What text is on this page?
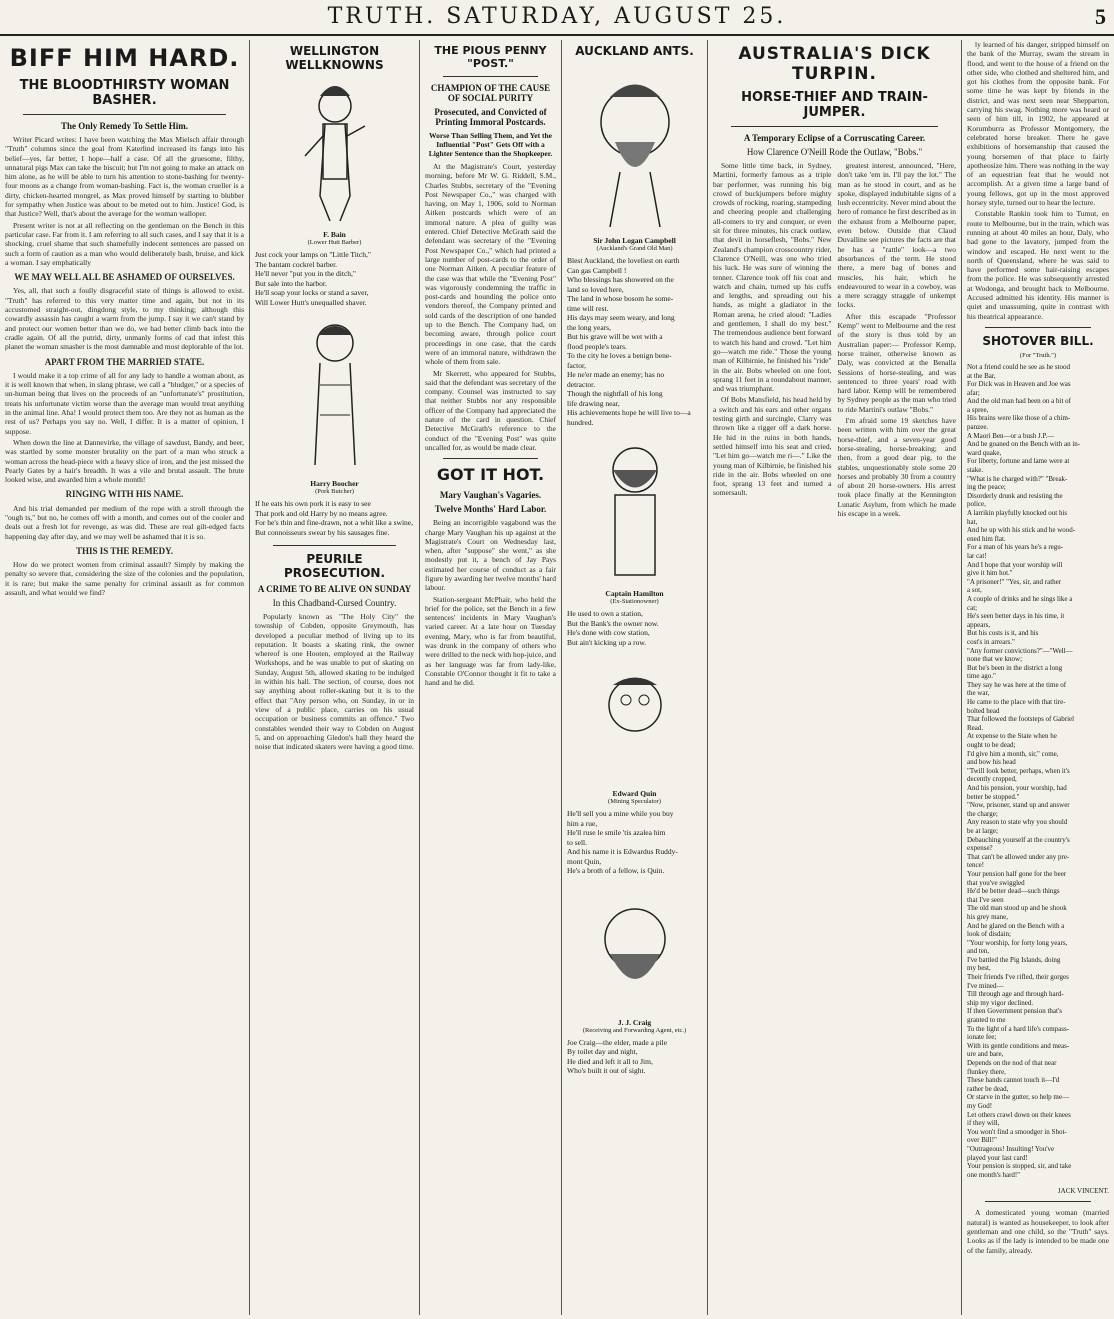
TRUTH. SATURDAY, AUGUST 25.	5
BIFF HIM HARD.
THE BLOODTHIRSTY WOMAN BASHER.
The Only Remedy To Settle Him.

Writer Picard writes: I have been watching the Max Mielsch affair through "Truth" columns since the goal from Katerlind increased its fangs into his belief—yes, far better, I hope—half a case. Of all the gruesome, filthy, unnatural pigs Max can take the biscuit; but I'm not going to make an attack on him alone, as he will be able to turn his attention to stone-bashing for twenty-four moons as a change from woman-bashing. Fact is, the woman crueller is a dirty, chicken-hearted mongrel, as Max proved himself by starting to blubber for sympathy when Justice was about to be meted out to him. Justice! God, is that Justice? Well, that's about the average for the woman walloper.

Present writer is not at all reflecting on the gentleman on the Bench in this particular case. Far from it. I am referring to all such cases, and I say that it is a shocking, cruel shame that such shamefully indecent sentences are passed on such a form of caution as a man who would deliberately bash, bruise, and kick a woman. I say emphatically

WE MAY WELL ALL BE ASHAMED OF OURSELVES.

Yes, all, that such a foully disgraceful state of things is allowed to exist. "Truth" has referred to this very matter time and again, but not in its accustomed straight-out, dingdong style, to my thinking; although this cowardly assassin has caught a warm from the jump. I say it we can't stand by and protect our women better than we do, we had better climb back into the cradle again. Of all the putrid, dirty, unmanly forms of cad that infest this planet the woman smasher is the most damnable and most deplorable of the lot.

APART FROM THE MARRIED STATE.

I would make it a top crime of all for any lady to handle a woman about, as it is well known that when, in slang phrase, we call a "bludger," or a species of un-human being that lives on the proceeds of an "unfortunate's" prostitution, treats his unfortunate victim worse than the average man would treat anything in the animal line. Aha! I would protect them too. Are they not as human as the rest of us? Perhaps you say no. Well, I differ. It is a matter of opinion, I suppose.

When down the line at Dannevirke, the village of sawdust, Bandy, and beer, was startled by some monster brutality on the part of a man who struck a woman across the head-piece with a heavy slice of iron, and the jest missed the Pearly Gates by a hair's breadth. It was a vile and brutal assault. The brute looked wise, and awarded him a whole month!

RINGING WITH HIS NAME.

And his trial demanded per medium of the rope with a stroll through the "ough ts," but no, he comes off with a month, and comes out of the cooler and deals out a fresh lot for revenge, as was did. These are real gilt-edged facts happening day after day, and we may well be ashamed that it is so.

THIS IS THE REMEDY.

How do we protect women from criminal assault? Simply by making the penalty so severe that, considering the size of the colonies and the population, it is rare; but make the same penalty for criminal assault as for common assault, and what would we find?

WELLINGTON WELLKNOWNS
F. Bain
(Lower Hutt Barber)
Just cock your lamps on "Little Titch,"
The bantam cockrel barber.
He'll never "put you in the ditch,"
But sale into the harbor.
He'll soap your locks or stand a saver,
Will Lower Hutt's unequalled shaver.
Harry Boocher
(Pork Butcher)
If he eats his own pork it is easy to see
That pork and old Harry by no means agree.
For he's thin and fine-drawn, not a whit like a swine,
But connoisseurs swear by his sausages fine.
PEURILE PROSECUTION.
A CRIME TO BE ALIVE ON SUNDAY
In this Chadband-Cursed Country.

Popularly known as "The Holy City" the township of Cobden, opposite Greymouth, has developed a peculiar method of living up to its reputation. It boasts a skating rink, the owner whereof is one Hooten, employed at the Railway Workshops, and he was unable to put of skating on Sunday, August 5th, allowed skating to be indulged in within his hall. The section, of course, does not say anything about roller-skating but it is to the effect that "Any person who, on Sunday, in or in view of a public place, carries on his usual occupation or business commits an offence." Two constables wended their way to Cobden on August 5, and on approaching Gledon's hall they heard the noise that indicated skaters were having a good time.

THE PIOUS PENNY "POST."
CHAMPION OF THE CAUSE OF SOCIAL PURITY
Prosecuted, and Convicted of Printing Immoral Postcards.
Worse Than Selling Them, and Yet the Influential "Post" Gets Off with a Lighter Sentence than the Shopkeeper.

At the Magistrate's Court, yesterday morning, before Mr W. G. Riddell, S.M., Charles Stubbs, secretary of the "Evening Post Newspaper Co.," was charged with having, on May 1, 1906, sold to Norman Aitken postcards which were of an immoral nature. A plea of guilty was entered. Chief Detective McGrath said the defendant was secretary of the "Evening Post Newspaper Co.," which had printed a large number of post-cards to the order of one Norman Aitken. A peculiar feature of the case was that while the "Evening Post" was vigorously condemning the traffic in post-cards and hounding the police onto vendors thereof, the Company printed and sold cards of the description of one handed up to the Bench. The Company had, on becoming aware, through police court proceedings in one case, that the cards were of an immoral nature, withdrawn the whole of them from sale.

Mr Skerrett, who appeared for Stubbs, said that the defendant was secretary of the company. Counsel was instructed to say that neither Stubbs nor any responsible officer of the Company had appreciated the nature of the card in question. Chief Detective McGrath's reference to the conduct of the "Evening Post" was quite uncalled for, as would be made clear.

GOT IT HOT.
Mary Vaughan's Vagaries.
Twelve Months' Hard Labor.

Being an incorrigible vagabond was the charge Mary Vaughan his up against at the Magistrate's Court on Wednesday last, when, after "suppose" she went," as she modestly put it, a bench of Jay Pays estimated her course of conduct as a fair figure by awarding her twelve months' hard labour.

Station-sergeant McPhair, who held the brief for the police, set the Bench in a few sentences' incidents in Mary Vaughan's varied career. At a late hour on Tuesday evening, Mary, who is far from beautiful, was drunk in the company of others who were drilled to the neck with hop-juice, and as her language was far from lady-like, Constable O'Connor thought it fit to take a hand and he did.

AUCKLAND ANTS.
Sir John Logan Campbell
(Auckland's Grand Old Man)
Blest Auckland, the loveliest on earth
Can gas Campbell !
Who blessings has showered on the
land so loved here,
The land in whose bosom he some-
time will rest.
His days may seem weary, and long
the long years,
But his grave will be wet with a
flood people's tears.
To the city he loves a benign bene-
factor,
He ne'er made an enemy; has no
detractor.
Though the nightfall of his long
life drawing near,
His achievements hope he will live to—a
hundred.
Captain Hamilton
(Ex-Stationowner)
He used to own a station,
But the Bank's the owner now.
He's done with cow station,
But ain't kicking up a row.
Edward Quin
(Mining Speculator)
He'll sell you a mine while you buy
him a rue,
He'll ruse le smile 'tis azalea him
to sell.
And his name it is Edwardus Ruddy-
mont Quin,
He's a broth of a fellow, is Quin.
J. J. Craig
(Receiving and Forwarding Agent, etc.)
Joe Craig—the elder, made a pile
By toilet day and night,
He died and left it all to Jim,
Who's built it out of sight.
AUSTRALIA'S DICK TURPIN.
HORSE-THIEF AND TRAIN-JUMPER.
A Temporary Eclipse of a Corruscating Career.
How Clarence O'Neill Rode the Outlaw, "Bobs."

Some little time back, in Sydney, Martini, formerly famous as a triple bar performer, was running his big crowd of buckjumpers before mighty crowds of rocking, roaring, stampeding and cheering people and challenging all-comers to try and conquer, or even sit for three minutes, his crack outlaw, that devil in horseflesh, "Bobs." New Zealand's champion crosscountry rider, Clarence O'Neill, was one who tried his luck. He was sure of winning the tenner. Clarence took off his coat and watch and chain, turned up his cuffs and lengths, and spreading out his hands, as might a gladiator in the Roman arena, he cried aloud: "Ladies and gentlemen, I shall do my best." The tremendous audience bent forward to watch his hand and crowd. "Let him go—watch me ride." Those the young man of Kilbirnie, he finished his "ride" in the air. Bobs wheeled on one foot, sprang 11 feet in a roundabout manner, and was triumphant.

Of Bobs Mansfield, his head held by a switch and his ears and other organs testing girth and surcingle, Clarry was thrown like a rigger off a dark horse. He hid in the ruins in both hands, settled himself into his seat and cried, "Let him go—watch me ri—." Like the young man of Kilbirnie, he finished his ride in the air. Bobs wheeled on one foot, sprang 13 feet and turned a somersault.

greatest interest, announced, "Here, don't take 'em in. I'll pay the lot." The man as he stood in court, and as he spoke, displayed indubitable signs of a lush eccentricity. Never mind about the hero of romance he first described as in the exhaust from a Melbourne paper, even below. Outside that Claud Duvalline see pictures the facts are that he has a "rattle" look—a two absorbances of the term. He stood there, a mere bag of bones and muscles, his hair, which he endeavoured to wear in a cowboy, was a mere scraggy straggle of unkempt locks.

After this escapade "Professor Kemp" went to Melbourne and the rest of the story is thus told by an Australian paper:— Professor Kemp, horse trainer, otherwise known as Daly, was convicted at the Benalla Sessions of horse-stealing, and was sentenced to three years' road with hard labor. Kemp will be remembered by Sydney people as the man who tried to ride Martini's outlaw "Bobs."

I'm afraid some 19 sketches have been written with him over the great horse-thief, and a seven-year good horse-stealing, horse-breaking; and then, from a good dear pig, to the stables, unquestionably stole some 20 horses and probably 30 from a country of about 20 horse-owners. His arrest took place finally at the Kennington Lunatic Asylum, from which he made his escape in a week.

ly learned of his danger, stripped himself on the bank of the Murray, swam the stream in flood, and went to the house of a friend on the other side, who clothed and sheltered him, and got his clothes from the opposite bank. For some time he was kept by friends in the district, and was next seen near Shepparton, carrying his swag. Nothing more was heard or seen of him till, in 1902, he appeared at Korumburra as Professor Montgomery, the celebrated horse breaker. There he gave exhibitions of horsemanship that caused the young horsemen of that place to fairly apotheosize him. There was nothing in the way of an equestrian feat that he would not accomplish. At a given time a large band of young fellows, got up in the most approved horsey style, turned out to hear the lecture.

Constable Rankin took him to Tumut, en route to Melbourne, but in the train, which was running at about 40 miles an hour, Daly, who had gone to the lavatory, jumped from the window and escaped. He next went to the north of Queensland, where he was said to have performed some hair-raising escapes from the police. He was subsequently arrested at Wodonga, and brought back to Melbourne. Accused admitted his identity. His manner is quiet and unassuming, quite in contrast with his theatrical appearance.

SHOTOVER BILL.
(For "Truth.")
Not a friend could he see as he stood
at the Bar,
For Dick was in Heaven and Joe was
afar;
And the old man had been on a bit of
a spree,
His brains were like those of a chim-
panzee.
A Maori Ben—or a bush J.P.—
And he goaned on the Bench with an in-
ward quake,
For liberty, fortune and lame were at
stake.
"What is he charged with?" "Break-
ing the peace;
Disorderly drunk and resisting the
police,
A larrikin playfully knocked out his
hat,
And he up with his stick and he wood-
ened him flat.
For a man of his years he's a regu-
lar cat!
And I hope that your worship will
give it him hot."
"A prisoner!" "Yes, sir, and rather
a sot,
A couple of drinks and he sings like a
cat;
He's seen better days in his time, it
appears,
But his costs is it, and his
cost's in arrears."
"Any former convictions?"—"Well—
none that we know;
But he's been in the district a long
time ago."
They say he was here at the time of
the war,
He came to the place with that tire-
bolted head
That followed the footsteps of Gabriel
Read.
At expense to the State when he
ought to be dead;
I'd give him a month, sir," come,
and bow his head
"Twill look better, perhaps, when it's
decently cropped,
And his pension, your worship, had
better be stopped."
"Now, prisoner, stand up and answer
the charge;
Any reason to state why you should
be at large;
Debauching yourself at the country's
expense?
That can't be allowed under any pre-
tence!
Your pension half gone for the beer
that you've swiggled
He'd be better dead—such things
that I've seen
The old man stood up and he shook
his grey mane,
And he glared on the Bench with a
look of disdain;
"Your worship, for forty long years,
and ten,
I've battled the Pig Islands, doing
my best,
Their friends I've rifled, their gorges
I've mined—
Till through age and through hard-
ship my vigor declined.
If then Government pension that's
granted to me
To the light of a hard life's compass-
ionate fee;
With its gentle conditions and meas-
ure and bare,
Depends on the nod of that near
flunkey there,
These hands cannot touch it—I'd
rather be dead,
Or starve in the gutter, so help me—
my God!
Let others crawl down on their knees
if they will,
You won't find a smoodger in Shot-
over Bill!"
"Outrageous! Insulting! You've
played your last card!
Your pension is stopped, sir, and take
one month's hard!"
JACK VINCENT.

A domesticated young woman (married natural) is wanted as housekeeper, to look after gentleman and one child, so the "Truth" says. Looks as if the lady is intended to be made one of the family, already.
